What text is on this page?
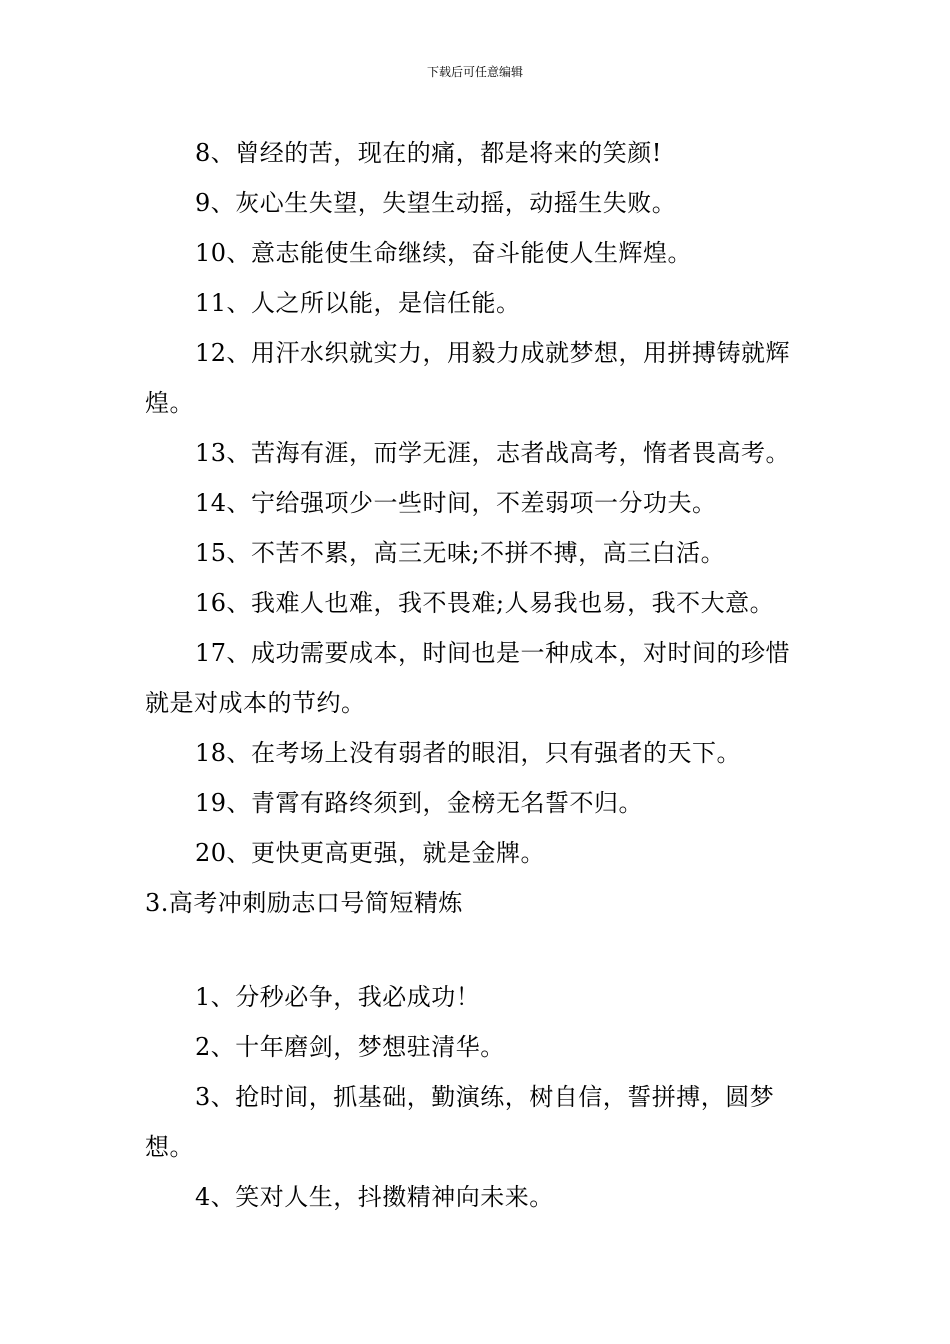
下载后可任意编辑

8、曾经的苦，现在的痛，都是将来的笑颜!

9、灰心生失望，失望生动摇，动摇生失败。

10、意志能使生命继续，奋斗能使人生辉煌。

11、人之所以能，是信任能。

12、用汗水织就实力，用毅力成就梦想，用拼搏铸就辉煌。

13、苦海有涯，而学无涯，志者战高考，惰者畏高考。

14、宁给强项少一些时间，不差弱项一分功夫。

15、不苦不累，高三无味;不拼不搏，高三白活。

16、我难人也难，我不畏难;人易我也易，我不大意。

17、成功需要成本，时间也是一种成本，对时间的珍惜就是对成本的节约。

18、在考场上没有弱者的眼泪，只有强者的天下。

19、青霄有路终须到，金榜无名誓不归。

20、更快更高更强，就是金牌。

3.高考冲刺励志口号简短精炼

1、分秒必争，我必成功！

2、十年磨剑，梦想驻清华。

3、抢时间，抓基础，勤演练，树自信，誓拼搏，圆梦想。

4、笑对人生，抖擞精神向未来。
